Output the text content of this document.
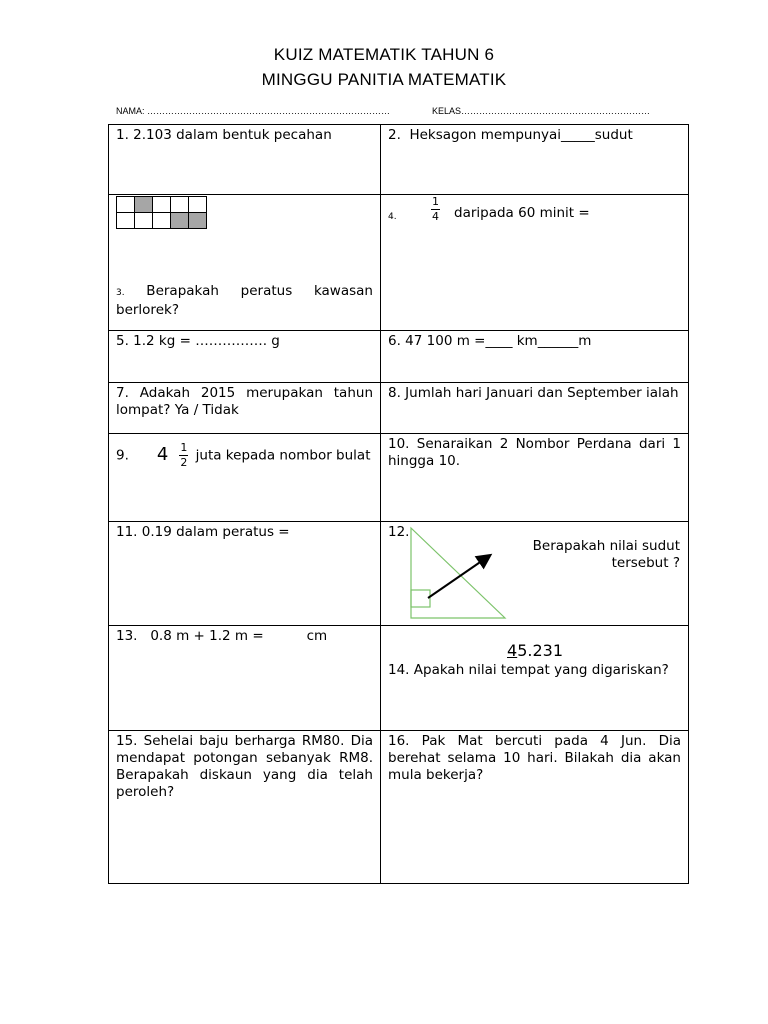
KUIZ MATEMATIK TAHUN 6
MINGGU PANITIA MATEMATIK
NAMA: ………………………………………………………………………	KELAS………………………………………………………
1. 2.103 dalam bentuk pecahan	2.  Heksagon mempunyai_____sudut

3. Berapakah peratus kawasan berlorek?	4.
1
4 daripada 60 minit =

5. 1.2 kg = ……………. g	6. 47 100 m =____ km______m

7. Adakah 2015 merupakan tahun lompat? Ya / Tidak	8. Jumlah hari Januari dan September ialah

9. $4 \frac{1}{2}$ juta kepada nombor bulat	10. Senaraikan 2 Nombor Perdana dari 1 hingga 10.

11. 0.19 dalam peratus =	12.
Berapakah nilai sudut tersebut ?

13.   0.8 m + 1.2 m =          cm	45.231
14. Apakah nilai tempat yang digariskan?

15. Sehelai baju berharga RM80. Dia mendapat potongan sebanyak RM8. Berapakah diskaun yang dia telah peroleh?	16. Pak Mat bercuti pada 4 Jun. Dia berehat selama 10 hari. Bilakah dia akan mula bekerja?
